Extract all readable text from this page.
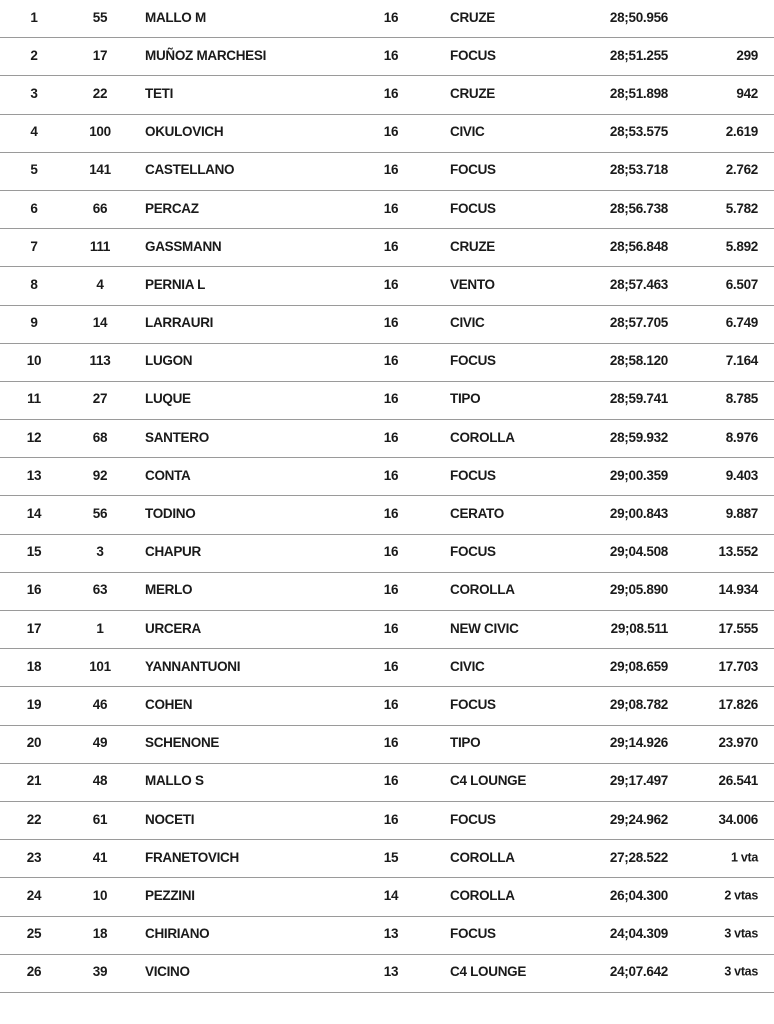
1	55	MALLO M	16	CRUZE	28;50.956
2	17	MUÑOZ MARCHESI	16	FOCUS	28;51.255	299
3	22	TETI	16	CRUZE	28;51.898	942
4	100	OKULOVICH	16	CIVIC	28;53.575	2.619
5	141	CASTELLANO	16	FOCUS	28;53.718	2.762
6	66	PERCAZ	16	FOCUS	28;56.738	5.782
7	111	GASSMANN	16	CRUZE	28;56.848	5.892
8	4	PERNIA L	16	VENTO	28;57.463	6.507
9	14	LARRAURI	16	CIVIC	28;57.705	6.749
10	113	LUGON	16	FOCUS	28;58.120	7.164
11	27	LUQUE	16	TIPO	28;59.741	8.785
12	68	SANTERO	16	COROLLA	28;59.932	8.976
13	92	CONTA	16	FOCUS	29;00.359	9.403
14	56	TODINO	16	CERATO	29;00.843	9.887
15	3	CHAPUR	16	FOCUS	29;04.508	13.552
16	63	MERLO	16	COROLLA	29;05.890	14.934
17	1	URCERA	16	NEW CIVIC	29;08.511	17.555
18	101	YANNANTUONI	16	CIVIC	29;08.659	17.703
19	46	COHEN	16	FOCUS	29;08.782	17.826
20	49	SCHENONE	16	TIPO	29;14.926	23.970
21	48	MALLO S	16	C4 LOUNGE	29;17.497	26.541
22	61	NOCETI	16	FOCUS	29;24.962	34.006
23	41	FRANETOVICH	15	COROLLA	27;28.522	1 vta
24	10	PEZZINI	14	COROLLA	26;04.300	2 vtas
25	18	CHIRIANO	13	FOCUS	24;04.309	3 vtas
26	39	VICINO	13	C4 LOUNGE	24;07.642	3 vtas
